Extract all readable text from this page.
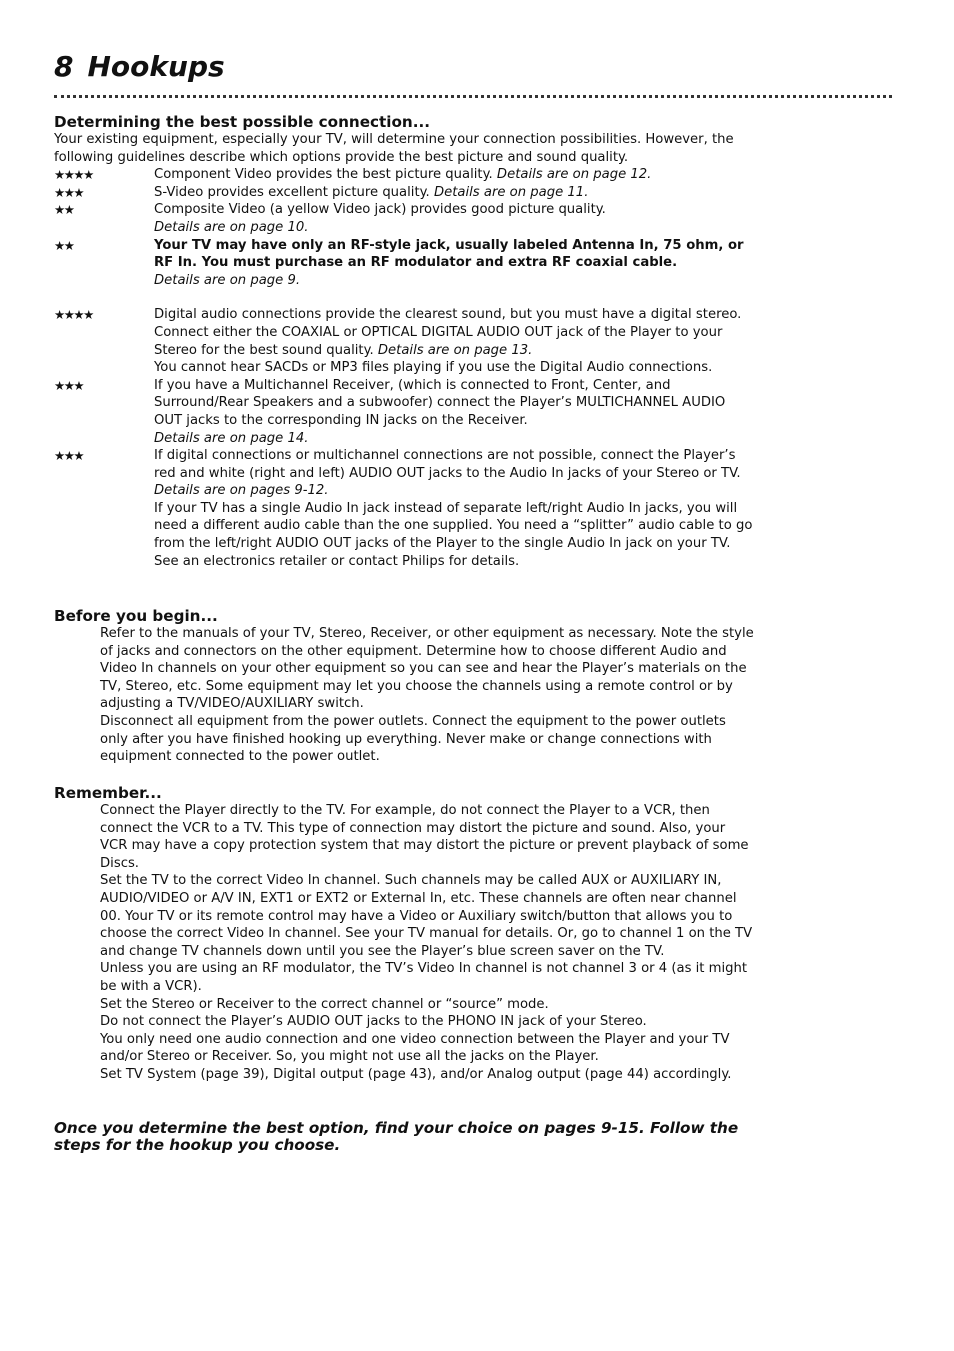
8 Hookups
Determining the best possible connection...

Your existing equipment, especially your TV, will determine your connection possibilities. However, the following guidelines describe which options provide the best picture and sound quality.

★★★★	Component Video provides the best picture quality. Details are on page 12.
★★★	S-Video provides excellent picture quality. Details are on page 11.
★★	Composite Video (a yellow Video jack) provides good picture quality.
Details are on page 10.
★★	Your TV may have only an RF-style jack, usually labeled Antenna In, 75 ohm, or RF In. You must purchase an RF modulator and extra RF coaxial cable.
Details are on page 9.
★★★★	Digital audio connections provide the clearest sound, but you must have a digital stereo. Connect either the COAXIAL or OPTICAL DIGITAL AUDIO OUT jack of the Player to your Stereo for the best sound quality. Details are on page 13.
You cannot hear SACDs or MP3 files playing if you use the Digital Audio connections.
★★★	If you have a Multichannel Receiver, (which is connected to Front, Center, and Surround/Rear Speakers and a subwoofer) connect the Player’s MULTICHANNEL AUDIO OUT jacks to the corresponding IN jacks on the Receiver.
Details are on page 14.
★★★	If digital connections or multichannel connections are not possible, connect the Player’s red and white (right and left) AUDIO OUT jacks to the Audio In jacks of your Stereo or TV. Details are on pages 9-12.
If your TV has a single Audio In jack instead of separate left/right Audio In jacks, you will need a different audio cable than the one supplied. You need a “splitter” audio cable to go from the left/right AUDIO OUT jacks of the Player to the single Audio In jack on your TV. See an electronics retailer or contact Philips for details.
Before you begin...

Refer to the manuals of your TV, Stereo, Receiver, or other equipment as necessary. Note the style of jacks and connectors on the other equipment. Determine how to choose different Audio and Video In channels on your other equipment so you can see and hear the Player’s materials on the TV, Stereo, etc. Some equipment may let you choose the channels using a remote control or by adjusting a TV/VIDEO/AUXILIARY switch.

Disconnect all equipment from the power outlets. Connect the equipment to the power outlets only after you have finished hooking up everything. Never make or change connections with equipment connected to the power outlet.

Remember...

Connect the Player directly to the TV. For example, do not connect the Player to a VCR, then connect the VCR to a TV. This type of connection may distort the picture and sound. Also, your VCR may have a copy protection system that may distort the picture or prevent playback of some Discs.

Set the TV to the correct Video In channel. Such channels may be called AUX or AUXILIARY IN, AUDIO/VIDEO or A/V IN, EXT1 or EXT2 or External In, etc. These channels are often near channel 00. Your TV or its remote control may have a Video or Auxiliary switch/button that allows you to choose the correct Video In channel. See your TV manual for details. Or, go to channel 1 on the TV and change TV channels down until you see the Player’s blue screen saver on the TV.

Unless you are using an RF modulator, the TV’s Video In channel is not channel 3 or 4 (as it might be with a VCR).

Set the Stereo or Receiver to the correct channel or “source” mode.

Do not connect the Player’s AUDIO OUT jacks to the PHONO IN jack of your Stereo.

You only need one audio connection and one video connection between the Player and your TV and/or Stereo or Receiver. So, you might not use all the jacks on the Player.

Set TV System (page 39), Digital output (page 43), and/or Analog output (page 44) accordingly.

Once you determine the best option, find your choice on pages 9-15. Follow the steps for the hookup you choose.
